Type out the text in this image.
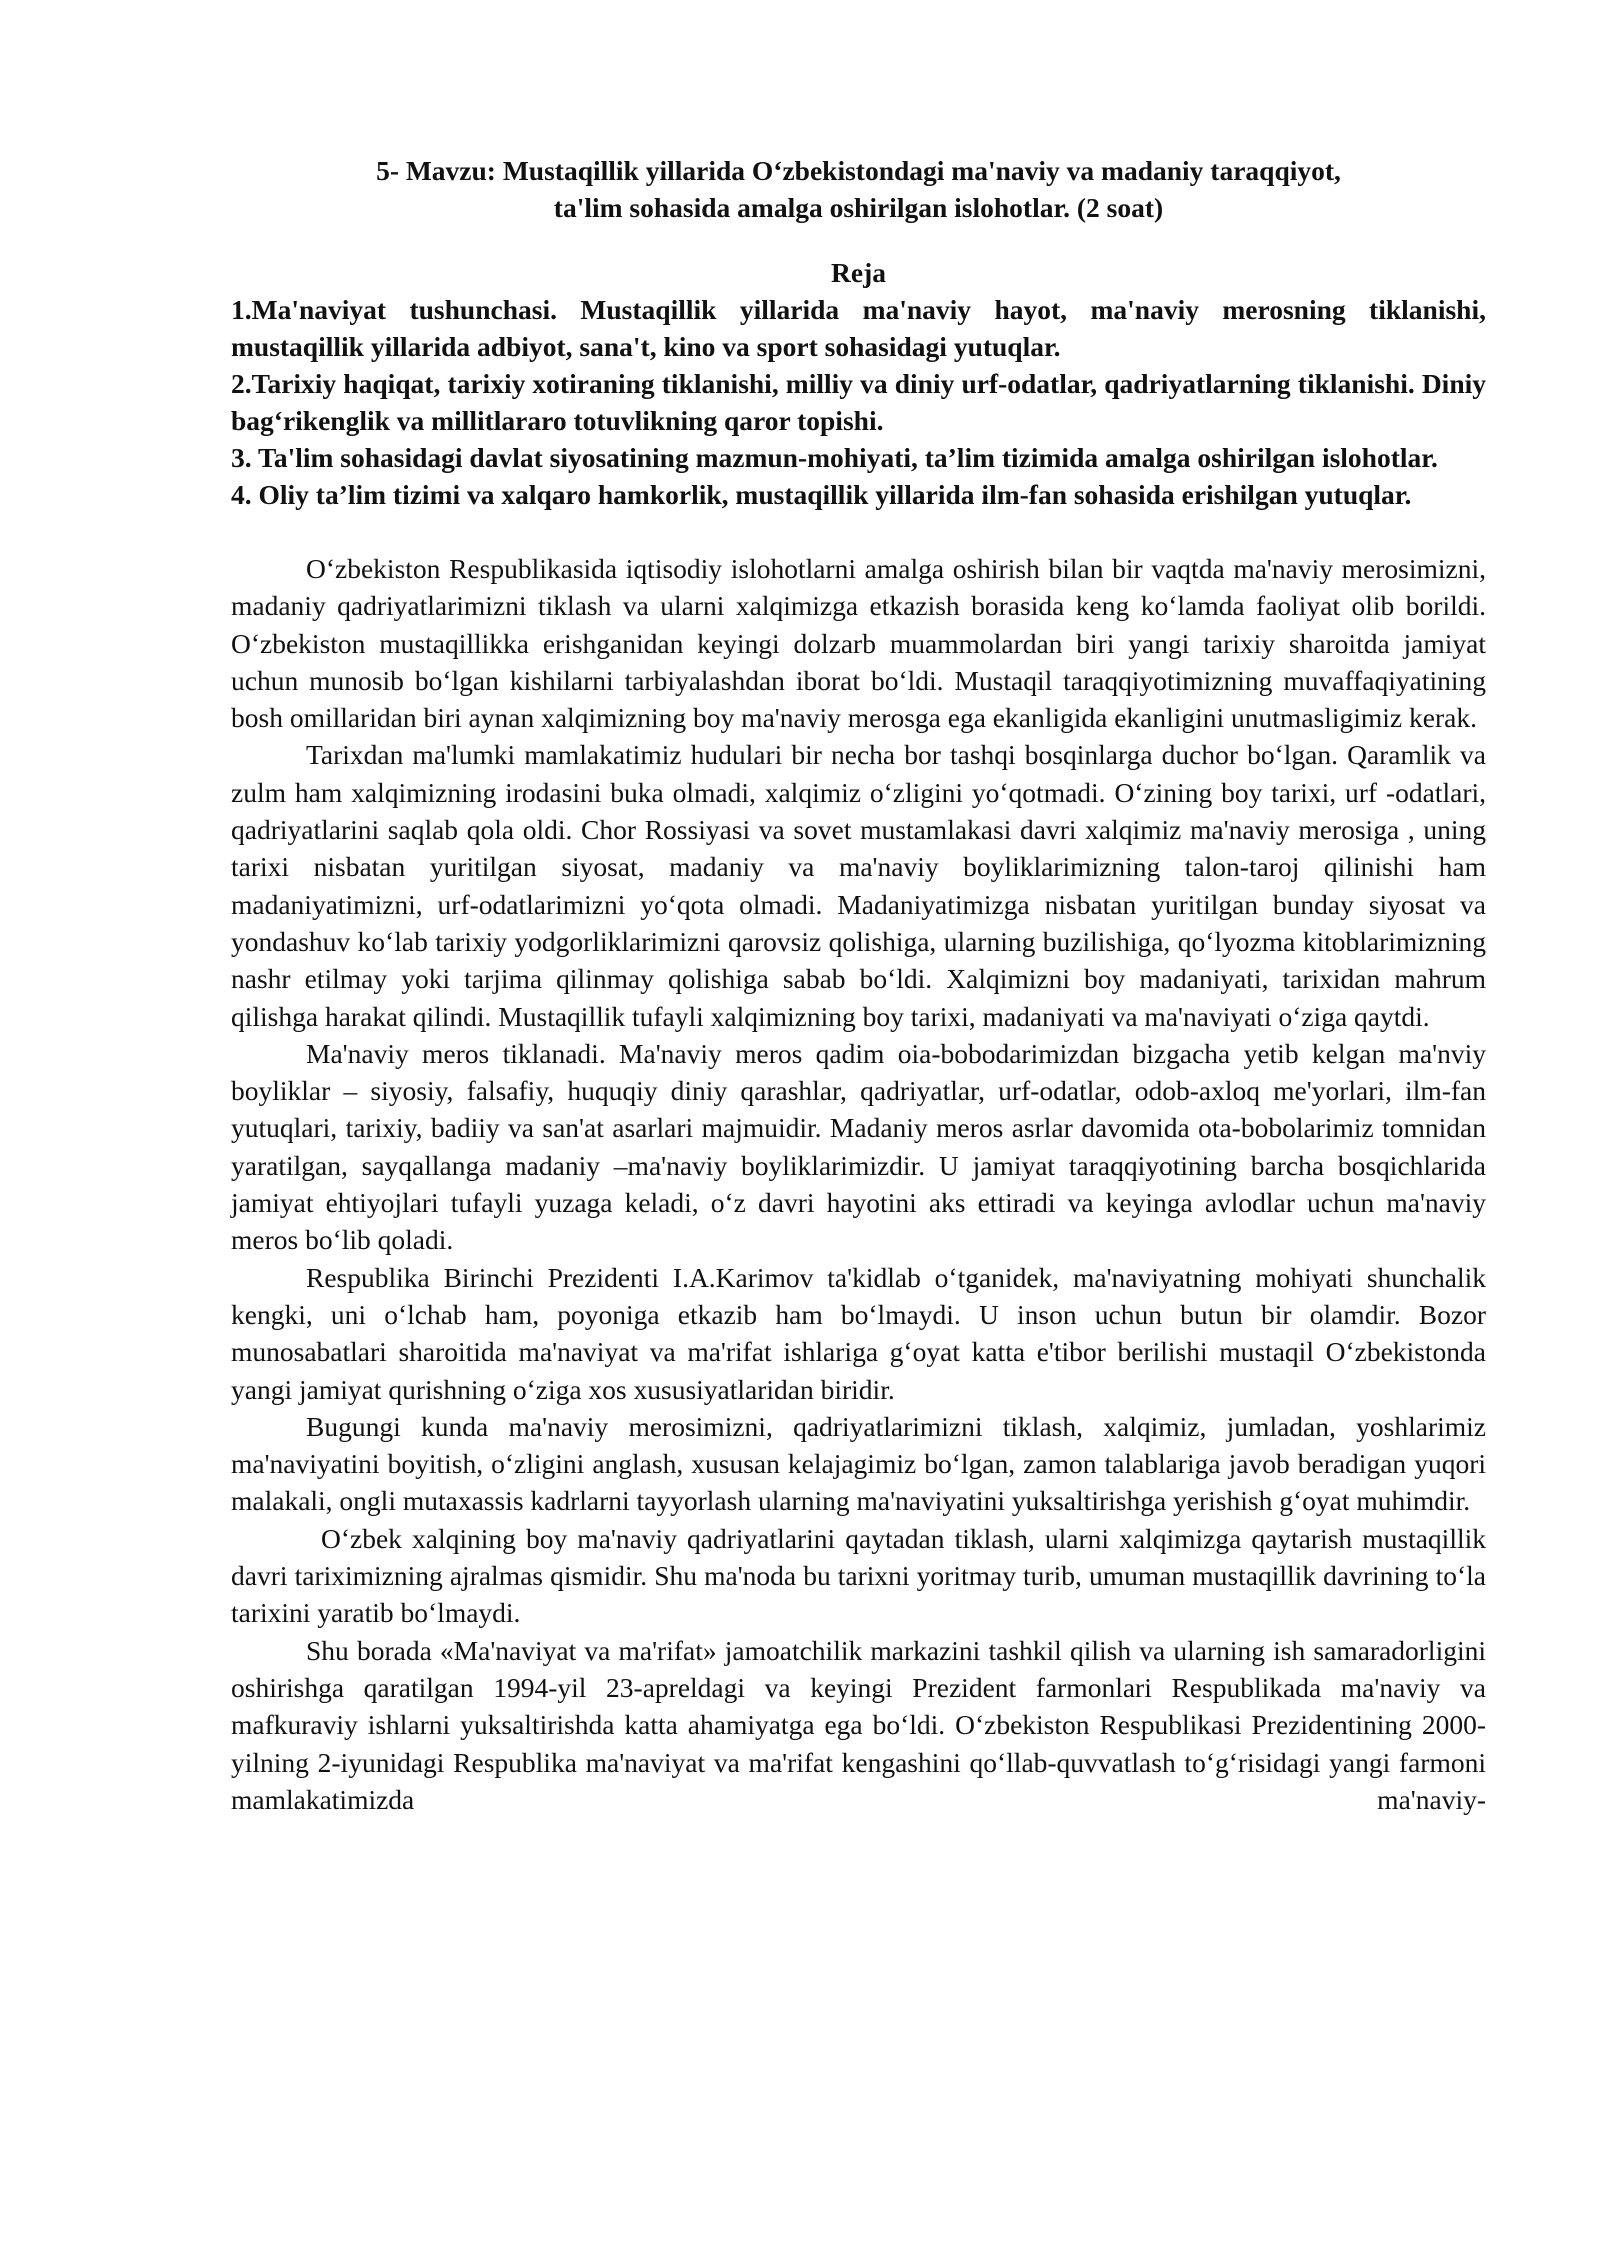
5- Mavzu: Mustaqillik yillarida O‘zbekistondagi ma'naviy va madaniy taraqqiyot,
ta'lim sohasida amalga oshirilgan islohotlar. (2 soat)

Reja

1.Ma'naviyat tushunchasi. Mustaqillik yillarida ma'naviy hayot, ma'naviy merosning tiklanishi, mustaqillik yillarida adbiyot, sana't, kino va sport sohasidagi yutuqlar.

2.Tarixiy haqiqat, tarixiy xotiraning tiklanishi, milliy va diniy urf-odatlar, qadriyatlarning tiklanishi. Diniy bag‘rikenglik va millitlararo totuvlikning qaror topishi.

3. Ta'lim sohasidagi davlat siyosatining mazmun-mohiyati, ta’lim tizimida amalga oshirilgan islohotlar.

4. Oliy ta’lim tizimi va xalqaro hamkorlik, mustaqillik yillarida ilm-fan sohasida erishilgan yutuqlar.

O‘zbekiston Respublikasida iqtisodiy islohotlarni amalga oshirish bilan bir vaqtda ma'naviy merosimizni, madaniy qadriyatlarimizni tiklash va ularni xalqimizga etkazish borasida keng ko‘lamda faoliyat olib borildi. O‘zbekiston mustaqillikka erishganidan keyingi dolzarb muammolardan biri yangi tarixiy sharoitda jamiyat uchun munosib bo‘lgan kishilarni tarbiyalashdan iborat bo‘ldi. Mustaqil taraqqiyotimizning muvaffaqiyatining bosh omillaridan biri aynan xalqimizning boy ma'naviy merosga ega ekanligida ekanligini unutmasligimiz kerak.

Tarixdan ma'lumki mamlakatimiz hudulari bir necha bor tashqi bosqinlarga duchor bo‘lgan. Qaramlik va zulm ham xalqimizning irodasini buka olmadi, xalqimiz o‘zligini yo‘qotmadi. O‘zining boy tarixi, urf -odatlari, qadriyatlarini saqlab qola oldi. Chor Rossiyasi va sovet mustamlakasi davri xalqimiz ma'naviy merosiga , uning tarixi nisbatan yuritilgan siyosat, madaniy va ma'naviy boyliklarimizning talon-taroj qilinishi ham madaniyatimizni, urf-odatlarimizni yo‘qota olmadi. Madaniyatimizga nisbatan yuritilgan bunday siyosat va yondashuv ko‘lab tarixiy yodgorliklarimizni qarovsiz qolishiga, ularning buzilishiga, qo‘lyozma kitoblarimizning nashr etilmay yoki tarjima qilinmay qolishiga sabab bo‘ldi. Xalqimizni boy madaniyati, tarixidan mahrum qilishga harakat qilindi. Mustaqillik tufayli xalqimizning boy tarixi, madaniyati va ma'naviyati o‘ziga qaytdi.

Ma'naviy meros tiklanadi. Ma'naviy meros qadim oia-bobodarimizdan bizgacha yetib kelgan ma'nviy boyliklar – siyosiy, falsafiy, huquqiy diniy qarashlar, qadriyatlar, urf-odatlar, odob-axloq me'yorlari, ilm-fan yutuqlari, tarixiy, badiiy va san'at asarlari majmuidir. Madaniy meros asrlar davomida ota-bobolarimiz tomnidan yaratilgan, sayqallanga madaniy –ma'naviy boyliklarimizdir. U jamiyat taraqqiyotining barcha bosqichlarida jamiyat ehtiyojlari tufayli yuzaga keladi, o‘z davri hayotini aks ettiradi va keyinga avlodlar uchun ma'naviy meros bo‘lib qoladi.

Respublika Birinchi Prezidenti I.A.Karimov ta'kidlab o‘tganidek, ma'naviyatning mohiyati shunchalik kengki, uni o‘lchab ham, poyoniga etkazib ham bo‘lmaydi. U inson uchun butun bir olamdir. Bozor munosabatlari sharoitida ma'naviyat va ma'rifat ishlariga g‘oyat katta e'tibor berilishi mustaqil O‘zbekistonda yangi jamiyat qurishning o‘ziga xos xususiyatlaridan biridir.

Bugungi kunda ma'naviy merosimizni, qadriyatlarimizni tiklash, xalqimiz, jumladan, yoshlarimiz ma'naviyatini boyitish, o‘zligini anglash, xususan kelajagimiz bo‘lgan, zamon talablariga javob beradigan yuqori malakali, ongli mutaxassis kadrlarni tayyorlash ularning ma'naviyatini yuksaltirishga yerishish g‘oyat muhimdir.

O‘zbek xalqining boy ma'naviy qadriyatlarini qaytadan tiklash, ularni xalqimizga qaytarish mustaqillik davri tariximizning ajralmas qismidir. Shu ma'noda bu tarixni yoritmay turib, umuman mustaqillik davrining to‘la tarixini yaratib bo‘lmaydi.

Shu borada «Ma'naviyat va ma'rifat» jamoatchilik markazini tashkil qilish va ularning ish samaradorligini oshirishga qaratilgan 1994-yil 23-apreldagi va keyingi Prezident farmonlari Respublikada ma'naviy va mafkuraviy ishlarni yuksaltirishda katta ahamiyatga ega bo‘ldi. O‘zbekiston Respublikasi Prezidentining 2000-yilning 2-iyunidagi Respublika ma'naviyat va ma'rifat kengashini qo‘llab-quvvatlash to‘g‘risidagi yangi farmoni mamlakatimizda ma'naviy-
